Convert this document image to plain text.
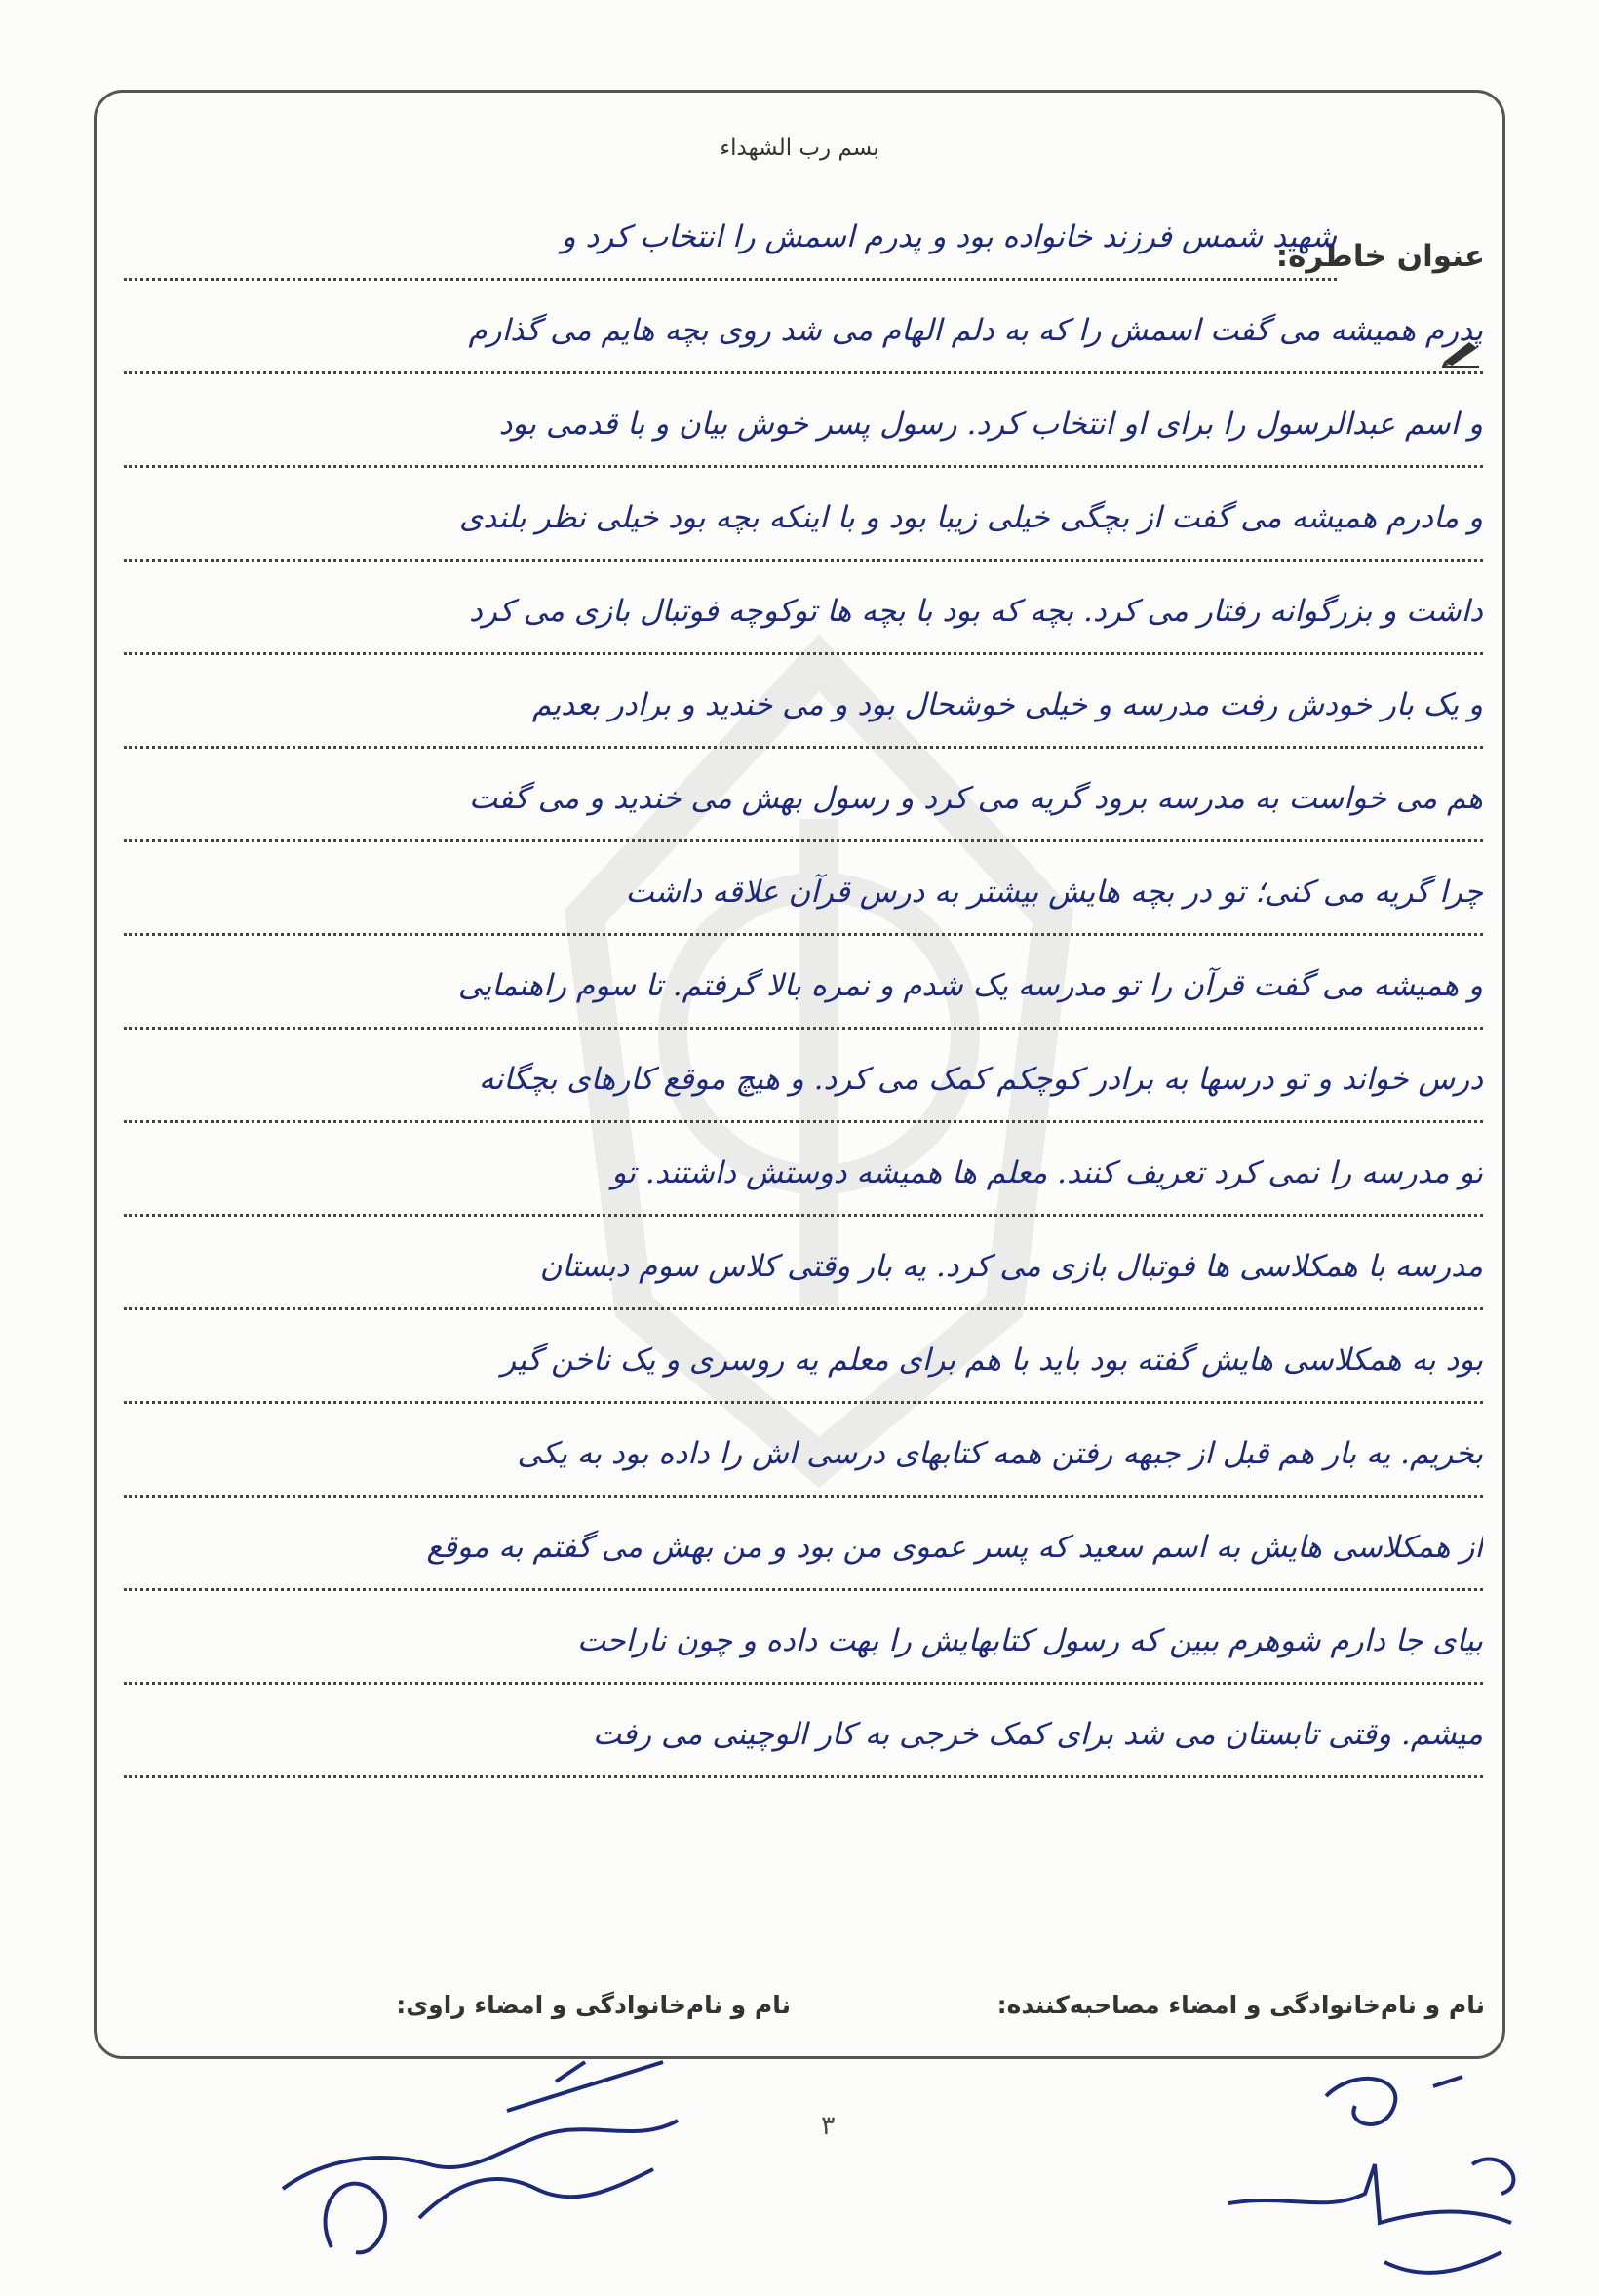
بسم رب الشهداء
عنوان خاطره:
شهید شمس فرزند خانواده بود و پدرم اسمش را انتخاب کرد و
پدرم همیشه می گفت اسمش را که به دلم الهام می شد روی بچه هایم می گذارم
و اسم عبدالرسول را برای او انتخاب کرد. رسول پسر خوش بیان و با قدمی بود
و مادرم همیشه می گفت از بچگی خیلی زیبا بود و با اینکه بچه بود خیلی نظر بلندی
داشت و بزرگوانه رفتار می کرد. بچه که بود با بچه ها توکوچه فوتبال بازی می کرد
و یک بار خودش رفت مدرسه و خیلی خوشحال بود و می خندید و برادر بعدیم
هم می خواست به مدرسه برود گریه می کرد و رسول بهش می خندید و می گفت
چرا گریه می کنی؛ تو در بچه هایش بیشتر به درس قرآن علاقه داشت
و همیشه می گفت قرآن را تو مدرسه یک شدم و نمره بالا گرفتم. تا سوم راهنمایی
درس خواند و تو درسها به برادر کوچکم کمک می کرد. و هیچ موقع کارهای بچگانه
تو مدرسه را نمی کرد تعریف کنند. معلم ها همیشه دوستش داشتند. تو
مدرسه با همکلاسی ها فوتبال بازی می کرد. یه بار وقتی کلاس سوم دبستان
بود به همکلاسی هایش گفته بود باید با هم برای معلم یه روسری و یک ناخن گیر
بخریم. یه بار هم قبل از جبهه رفتن همه کتابهای درسی اش را داده بود به یکی
از همکلاسی هایش به اسم سعید که پسر عموی من بود و من بهش می گفتم به موقع
بیای جا دارم شوهرم ببین که رسول کتابهایش را بهت داده و چون ناراحت
میشم. وقتی تابستان می شد برای کمک خرجی به کار الوچینی می رفت
نام و نام‌خانوادگی و امضاء مصاحبه‌کننده:
نام و نام‌خانوادگی و امضاء راوی:
۳
